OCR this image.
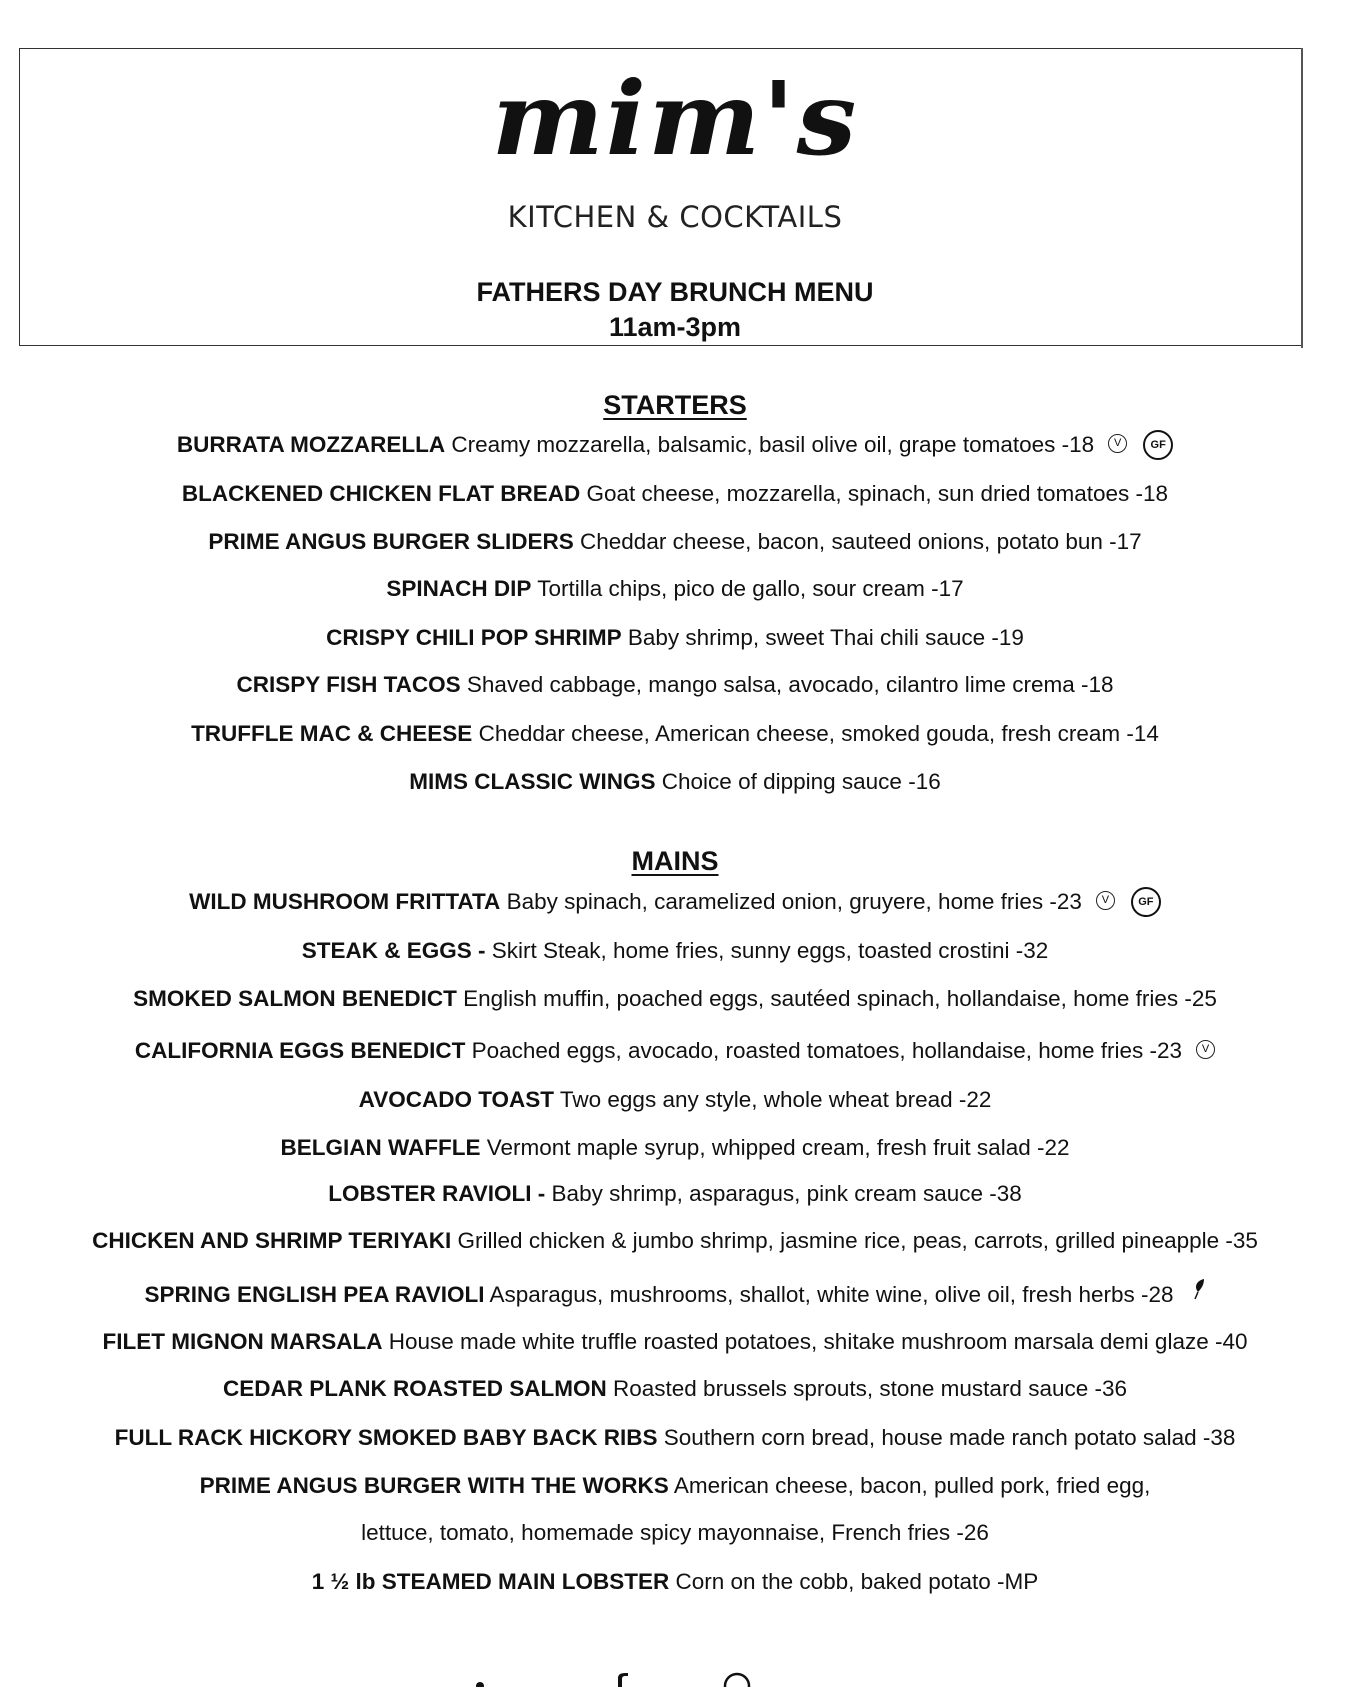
mim's
KITCHEN & COCKTAILS
FATHERS DAY BRUNCH MENU
11am-3pm
STARTERS
BURRATA MOZZARELLA Creamy mozzarella, balsamic, basil olive oil, grape tomatoes -18 V	GF
BLACKENED CHICKEN FLAT BREAD Goat cheese, mozzarella, spinach, sun dried tomatoes -18
PRIME ANGUS BURGER SLIDERS Cheddar cheese, bacon, sauteed onions, potato bun -17
SPINACH DIP Tortilla chips, pico de gallo, sour cream -17
CRISPY CHILI POP SHRIMP Baby shrimp, sweet Thai chili sauce -19
CRISPY FISH TACOS Shaved cabbage, mango salsa, avocado, cilantro lime crema -18
TRUFFLE MAC & CHEESE Cheddar cheese, American cheese, smoked gouda, fresh cream -14
MIMS CLASSIC WINGS Choice of dipping sauce -16
MAINS
WILD MUSHROOM FRITTATA Baby spinach, caramelized onion, gruyere, home fries -23 V	GF
STEAK & EGGS - Skirt Steak, home fries, sunny eggs, toasted crostini -32
SMOKED SALMON BENEDICT English muffin, poached eggs, sautéed spinach, hollandaise, home fries -25
CALIFORNIA EGGS BENEDICT Poached eggs, avocado, roasted tomatoes, hollandaise, home fries -23 V
AVOCADO TOAST Two eggs any style, whole wheat bread -22
BELGIAN WAFFLE Vermont maple syrup, whipped cream, fresh fruit salad -22
LOBSTER RAVIOLI - Baby shrimp, asparagus, pink cream sauce -38
CHICKEN AND SHRIMP TERIYAKI Grilled chicken & jumbo shrimp, jasmine rice, peas, carrots, grilled pineapple -35
SPRING ENGLISH PEA RAVIOLI Asparagus, mushrooms, shallot, white wine, olive oil, fresh herbs -28
FILET MIGNON MARSALA House made white truffle roasted potatoes, shitake mushroom marsala demi glaze -40
CEDAR PLANK ROASTED SALMON Roasted brussels sprouts, stone mustard sauce -36
FULL RACK HICKORY SMOKED BABY BACK RIBS Southern corn bread, house made ranch potato salad -38
PRIME ANGUS BURGER WITH THE WORKS American cheese, bacon, pulled pork, fried egg,
lettuce, tomato, homemade spicy mayonnaise, French fries -26
1 ½ lb STEAMED MAIN LOBSTER Corn on the cobb, baked potato -MP
